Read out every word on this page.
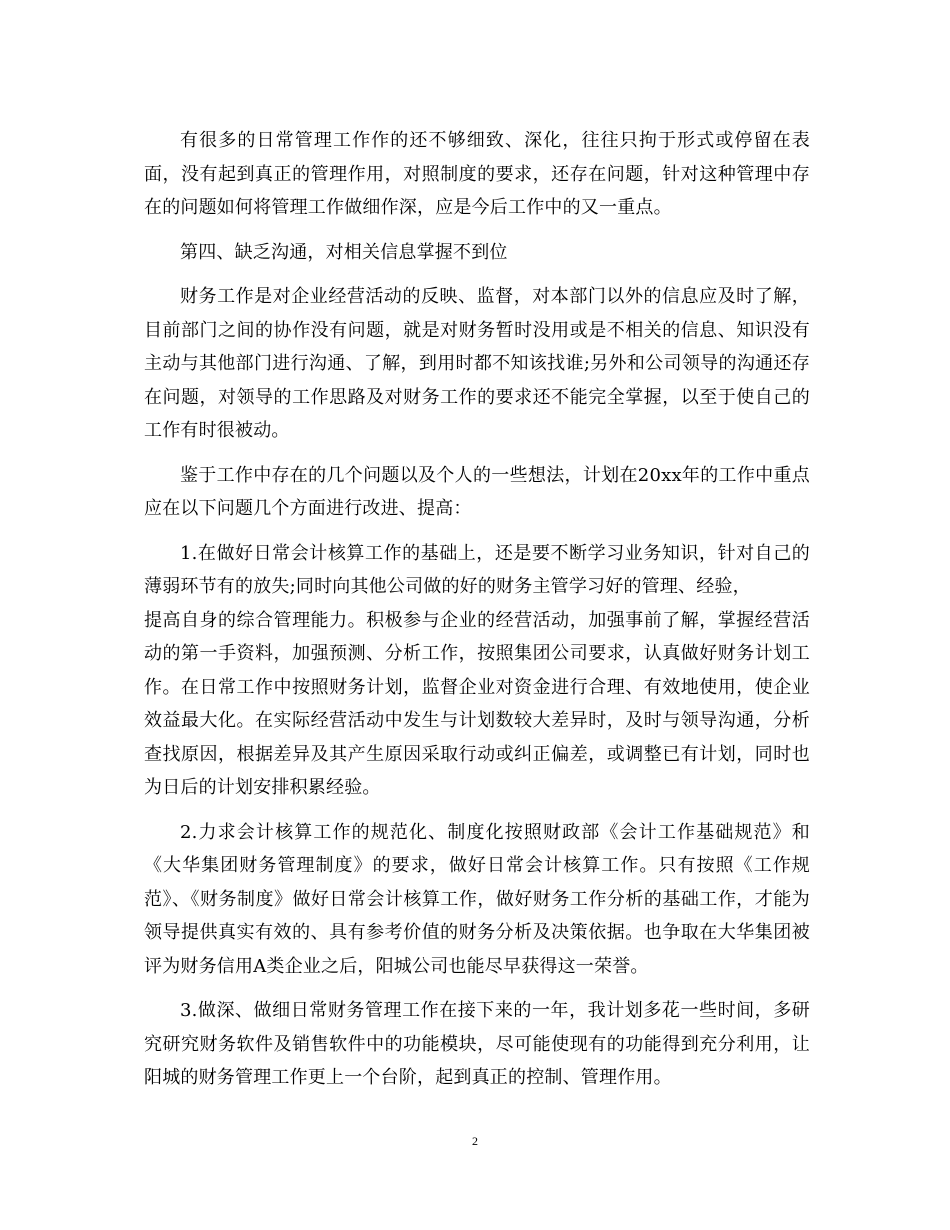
有很多的日常管理工作作的还不够细致、深化，往往只拘于形式或停留在表面，没有起到真正的管理作用，对照制度的要求，还存在问题，针对这种管理中存在的问题如何将管理工作做细作深，应是今后工作中的又一重点。

第四、缺乏沟通，对相关信息掌握不到位

财务工作是对企业经营活动的反映、监督，对本部门以外的信息应及时了解，目前部门之间的协作没有问题，就是对财务暂时没用或是不相关的信息、知识没有主动与其他部门进行沟通、了解，到用时都不知该找谁;另外和公司领导的沟通还存在问题，对领导的工作思路及对财务工作的要求还不能完全掌握，以至于使自己的工作有时很被动。

鉴于工作中存在的几个问题以及个人的一些想法，计划在20xx年的工作中重点应在以下问题几个方面进行改进、提高：

1.在做好日常会计核算工作的基础上，还是要不断学习业务知识，针对自己的薄弱环节有的放失;同时向其他公司做的好的财务主管学习好的管理、经验，

提高自身的综合管理能力。积极参与企业的经营活动，加强事前了解，掌握经营活动的第一手资料，加强预测、分析工作，按照集团公司要求，认真做好财务计划工作。在日常工作中按照财务计划，监督企业对资金进行合理、有效地使用，使企业效益最大化。在实际经营活动中发生与计划数较大差异时，及时与领导沟通，分析查找原因，根据差异及其产生原因采取行动或纠正偏差，或调整已有计划，同时也为日后的计划安排积累经验。

2.力求会计核算工作的规范化、制度化按照财政部《会计工作基础规范》和《大华集团财务管理制度》的要求，做好日常会计核算工作。只有按照《工作规范》、《财务制度》做好日常会计核算工作，做好财务工作分析的基础工作，才能为领导提供真实有效的、具有参考价值的财务分析及决策依据。也争取在大华集团被评为财务信用A类企业之后，阳城公司也能尽早获得这一荣誉。

3.做深、做细日常财务管理工作在接下来的一年，我计划多花一些时间，多研究研究财务软件及销售软件中的功能模块，尽可能使现有的功能得到充分利用，让阳城的财务管理工作更上一个台阶，起到真正的控制、管理作用。

2
